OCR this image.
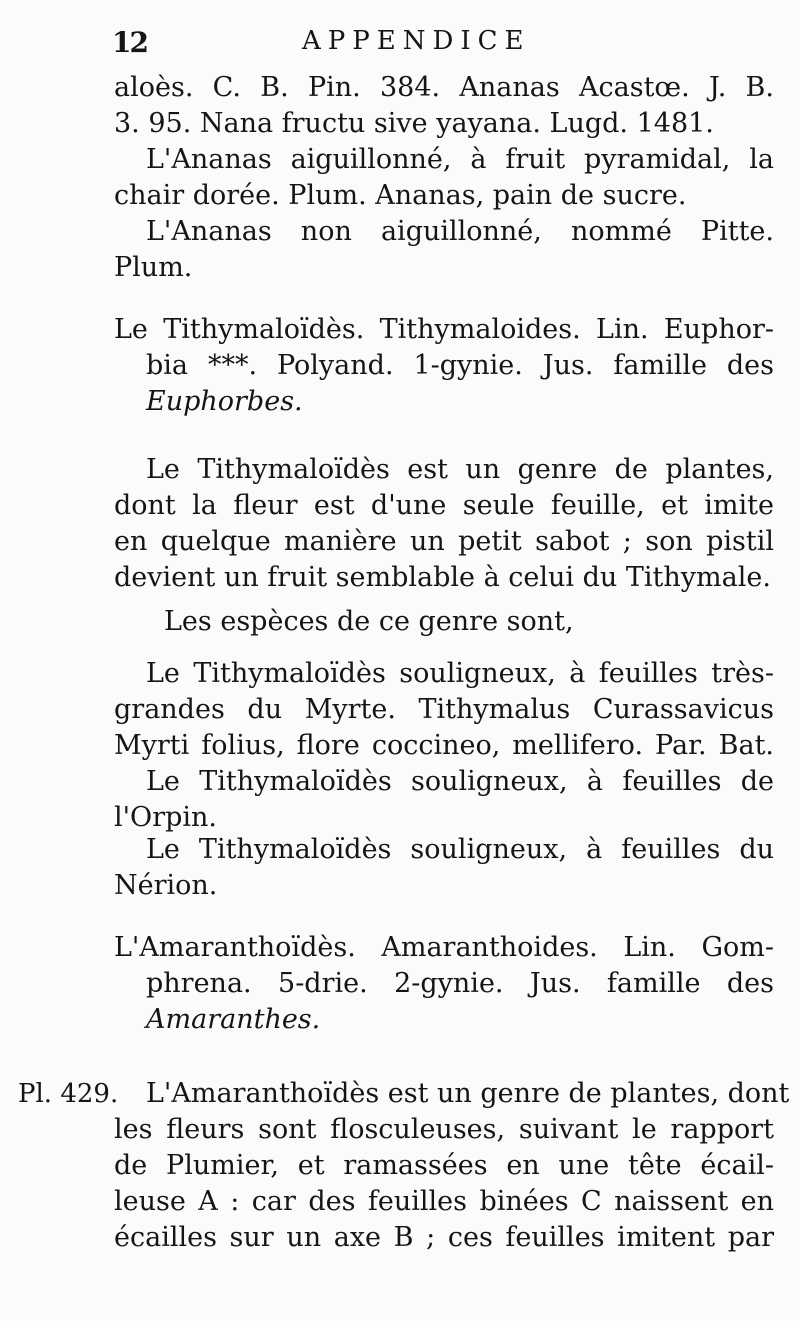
12	APPENDICE
aloès. C. B. Pin. 384. Ananas Acastœ. J. B.
3. 95. Nana fructu sive yayana. Lugd. 1481.
L'Ananas aiguillonné, à fruit pyramidal, la
chair dorée. Plum. Ananas, pain de sucre.
L'Ananas non aiguillonné, nommé Pitte.
Plum.
Le Tithymaloïdès. Tithymaloides. Lin. Euphor-
bia ***. Polyand. 1-gynie. Jus. famille des
Euphorbes.
Le Tithymaloïdès est un genre de plantes,
dont la fleur est d'une seule feuille, et imite
en quelque manière un petit sabot ; son pistil
devient un fruit semblable à celui du Tithymale.
Les espèces de ce genre sont,
Le Tithymaloïdès souligneux, à feuilles très-
grandes du Myrte. Tithymalus Curassavicus
Myrti folius, flore coccineo, mellifero. Par. Bat.
Le Tithymaloïdès souligneux, à feuilles de
l'Orpin.
Le Tithymaloïdès souligneux, à feuilles du
Nérion.
L'Amaranthoïdès. Amaranthoides. Lin. Gom-
phrena. 5-drie. 2-gynie. Jus. famille des
Amaranthes.
Pl. 429. L'Amaranthoïdès est un genre de plantes, dont
les fleurs sont flosculeuses, suivant le rapport
de Plumier, et ramassées en une tête écail-
leuse A : car des feuilles binées C naissent en
écailles sur un axe B ; ces feuilles imitent par
